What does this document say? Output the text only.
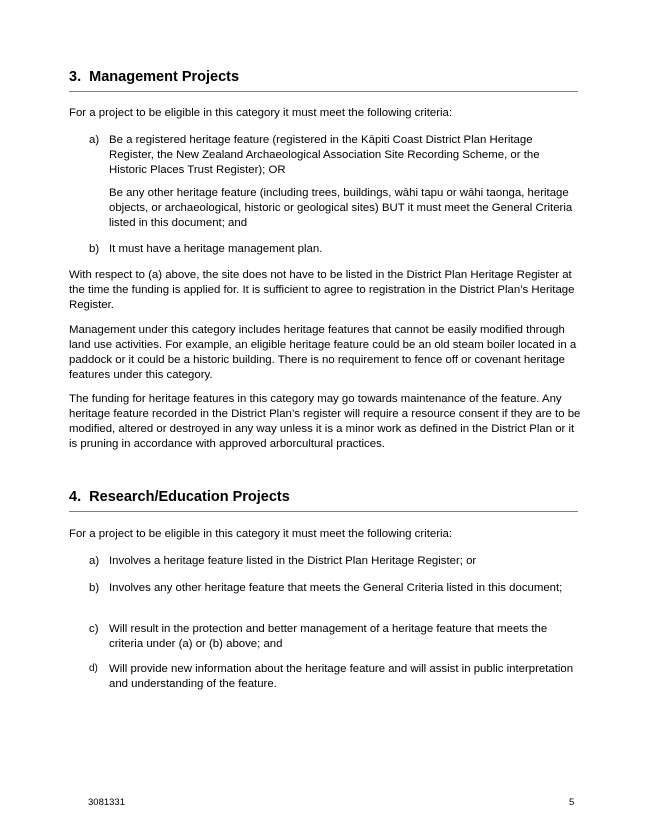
3. Management Projects

For a project to be eligible in this category it must meet the following criteria:

a) Be a registered heritage feature (registered in the Kāpiti Coast District Plan Heritage Register, the New Zealand Archaeological Association Site Recording Scheme, or the Historic Places Trust Register); OR
Be any other heritage feature (including trees, buildings, wāhi tapu or wāhi taonga, heritage objects, or archaeological, historic or geological sites) BUT it must meet the General Criteria listed in this document; and
b) It must have a heritage management plan.

With respect to (a) above, the site does not have to be listed in the District Plan Heritage Register at the time the funding is applied for. It is sufficient to agree to registration in the District Plan’s Heritage Register.

Management under this category includes heritage features that cannot be easily modified through land use activities. For example, an eligible heritage feature could be an old steam boiler located in a paddock or it could be a historic building. There is no requirement to fence off or covenant heritage features under this category.

The funding for heritage features in this category may go towards maintenance of the feature. Any heritage feature recorded in the District Plan’s register will require a resource consent if they are to be modified, altered or destroyed in any way unless it is a minor work as defined in the District Plan or it is pruning in accordance with approved arborcultural practices.

4. Research/Education Projects

For a project to be eligible in this category it must meet the following criteria:

a) Involves a heritage feature listed in the District Plan Heritage Register; or
b) Involves any other heritage feature that meets the General Criteria listed in this document;
c) Will result in the protection and better management of a heritage feature that meets the criteria under (a) or (b) above; and
d) Will provide new information about the heritage feature and will assist in public interpretation and understanding of the feature.

3081331	5
